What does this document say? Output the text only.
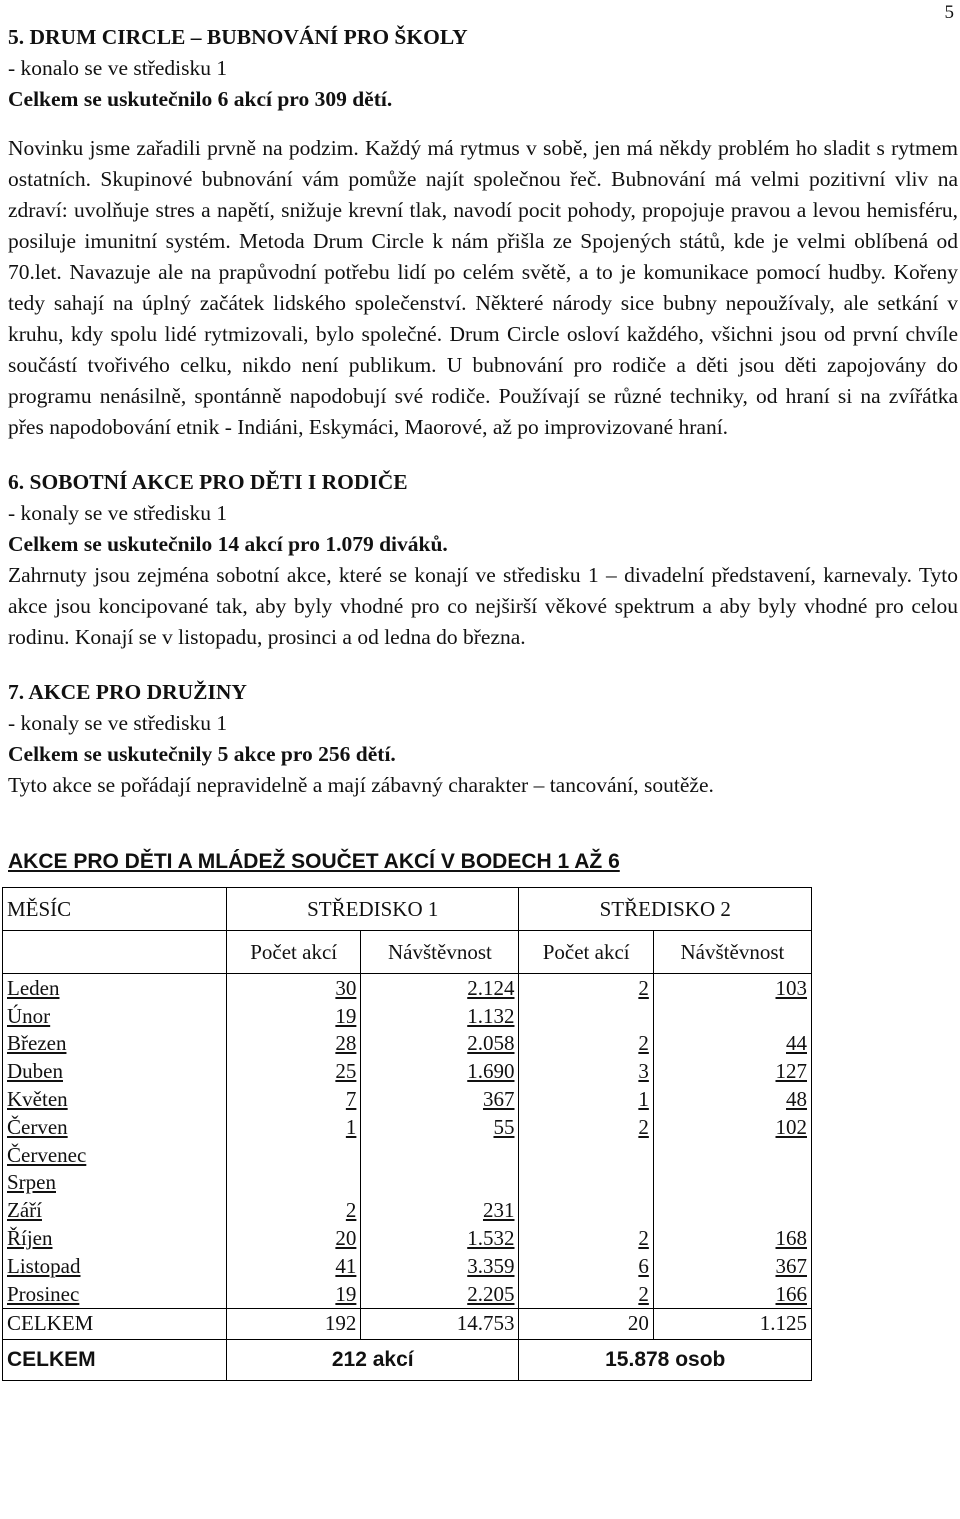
5
5. DRUM CIRCLE – BUBNOVÁNÍ PRO ŠKOLY
- konalo se ve středisku 1
Celkem se uskutečnilo 6 akcí pro 309 dětí.

Novinku jsme zařadili prvně na podzim. Každý má rytmus v sobě, jen má někdy problém ho sladit s rytmem ostatních. Skupinové bubnování vám pomůže najít společnou řeč. Bubnování má velmi pozitivní vliv na zdraví: uvolňuje stres a napětí, snižuje krevní tlak, navodí pocit pohody, propojuje pravou a levou hemisféru, posiluje imunitní systém. Metoda Drum Circle k nám přišla ze Spojených států, kde je velmi oblíbená od 70.let. Navazuje ale na prapůvodní potřebu lidí po celém světě, a to je komunikace pomocí hudby. Kořeny tedy sahají na úplný začátek lidského společenství. Některé národy sice bubny nepoužívaly, ale setkání v kruhu, kdy spolu lidé rytmizovali, bylo společné. Drum Circle osloví každého, všichni jsou od první chvíle součástí tvořivého celku, nikdo není publikum. U bubnování pro rodiče a děti jsou děti zapojovány do programu nenásilně, spontánně napodobují své rodiče. Používají se různé techniky, od hraní si na zvířátka přes napodobování etnik - Indiáni, Eskymáci, Maorové, až po improvizované hraní.

6. SOBOTNÍ AKCE PRO DĚTI I RODIČE
- konaly se ve středisku 1
Celkem se uskutečnilo 14 akcí pro 1.079 diváků.

Zahrnuty jsou zejména sobotní akce, které se konají ve středisku 1 – divadelní představení, karnevaly. Tyto akce jsou koncipované tak, aby byly vhodné pro co nejširší věkové spektrum a aby byly vhodné pro celou rodinu. Konají se v listopadu, prosinci a od ledna do března.

7. AKCE PRO DRUŽINY
- konaly se ve středisku 1
Celkem se uskutečnily 5 akce pro 256 dětí.

Tyto akce se pořádají nepravidelně a mají zábavný charakter – tancování, soutěže.

AKCE PRO DĚTI A MLÁDEŽ SOUČET AKCÍ V BODECH 1 AŽ 6
MĚSÍC	STŘEDISKO 1		STŘEDISKO 2	
	Počet akcí	Návštěvnost	Počet akcí	Návštěvnost
Leden	30	2.124	2	103
Únor	19	1.132		
Březen	28	2.058	2	44
Duben	25	1.690	3	127
Květen	7	367	1	48
Červen	1	55	2	102
Červenec				
Srpen				
Září	2	231		
Říjen	20	1.532	2	168
Listopad	41	3.359	6	367
Prosinec	19	2.205	2	166
CELKEM	192	14.753	20	1.125
CELKEM	212 akcí		15.878 osob	
